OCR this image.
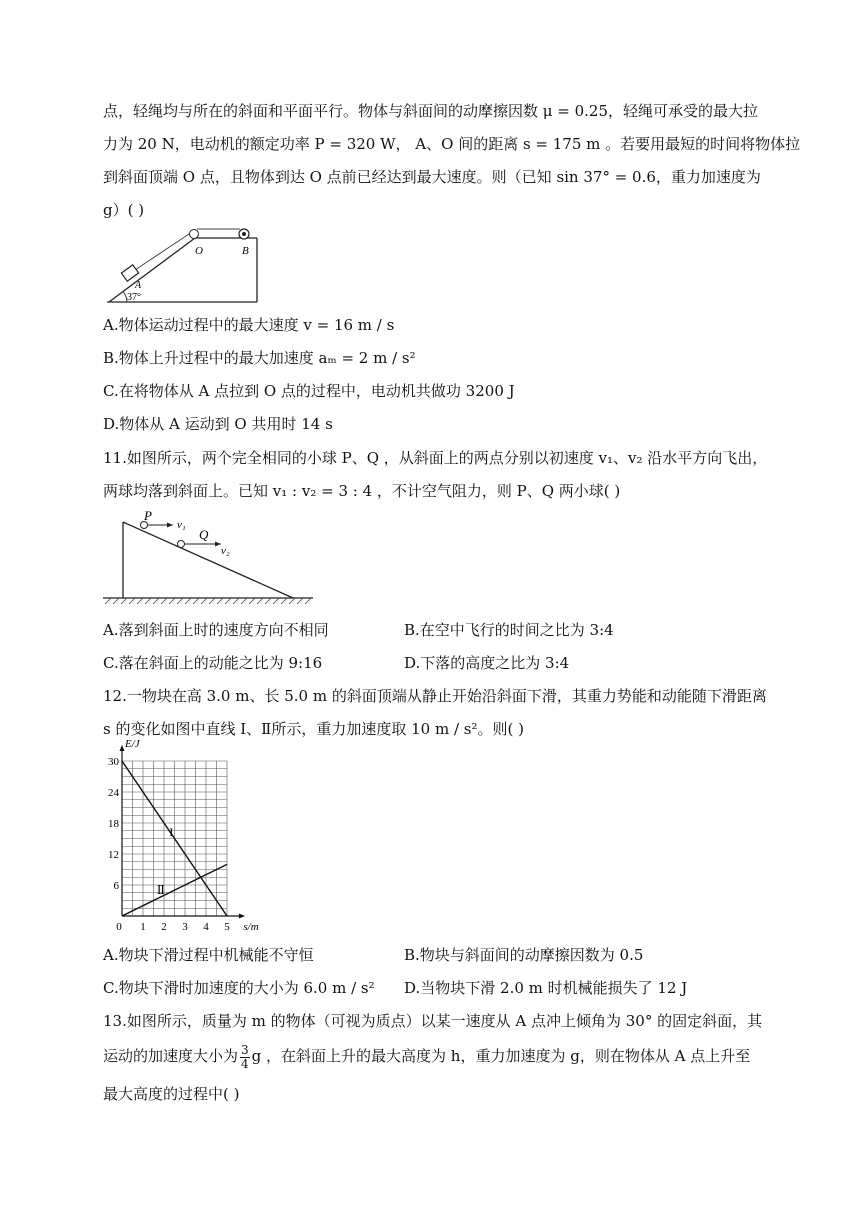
点，轻绳均与所在的斜面和平面平行。物体与斜面间的动摩擦因数 μ = 0.25，轻绳可承受的最大拉
力为 20 N，电动机的额定功率 P = 320 W， A、O 间的距离 s = 175 m 。若要用最短的时间将物体拉
到斜面顶端 O 点，且物体到达 O 点前已经达到最大速度。则（已知 sin 37° = 0.6，重力加速度为
g）( )
O	B
A
37°
A.物体运动过程中的最大速度 v = 16 m / s
B.物体上升过程中的最大加速度 aₘ = 2 m / s²
C.在将物体从 A 点拉到 O 点的过程中，电动机共做功 3200 J
D.物体从 A 运动到 O 共用时 14 s
11.如图所示，两个完全相同的小球 P、Q ，从斜面上的两点分别以初速度 v₁、v₂ 沿水平方向飞出，
两球均落到斜面上。已知 v₁ : v₂ = 3 : 4 ，不计空气阻力，则 P、Q 两小球( )
P
v₁
Q
v₂
A.落到斜面上时的速度方向不相同	B.在空中飞行的时间之比为 3:4
C.落在斜面上的动能之比为 9:16	D.下落的高度之比为 3:4
12.一物块在高 3.0 m、长 5.0 m 的斜面顶端从静止开始沿斜面下滑，其重力势能和动能随下滑距离
s 的变化如图中直线 I、Ⅱ所示，重力加速度取 10 m / s²。则( )
0 1 2 3 4 5
6
12
18
24
30
E/J
s/m
I
Ⅱ
A.物块下滑过程中机械能不守恒	B.物块与斜面间的动摩擦因数为 0.5
C.物块下滑时加速度的大小为 6.0 m / s² D.当物块下滑 2.0 m 时机械能损失了 12 J
13.如图所示，质量为 m 的物体（可视为质点）以某一速度从 A 点冲上倾角为 30° 的固定斜面，其
运动的加速度大小为 $\frac{3}{4}$ g ，在斜面上升的最大高度为 h，重力加速度为 g，则在物体从 A 点上升至
最大高度的过程中( )
